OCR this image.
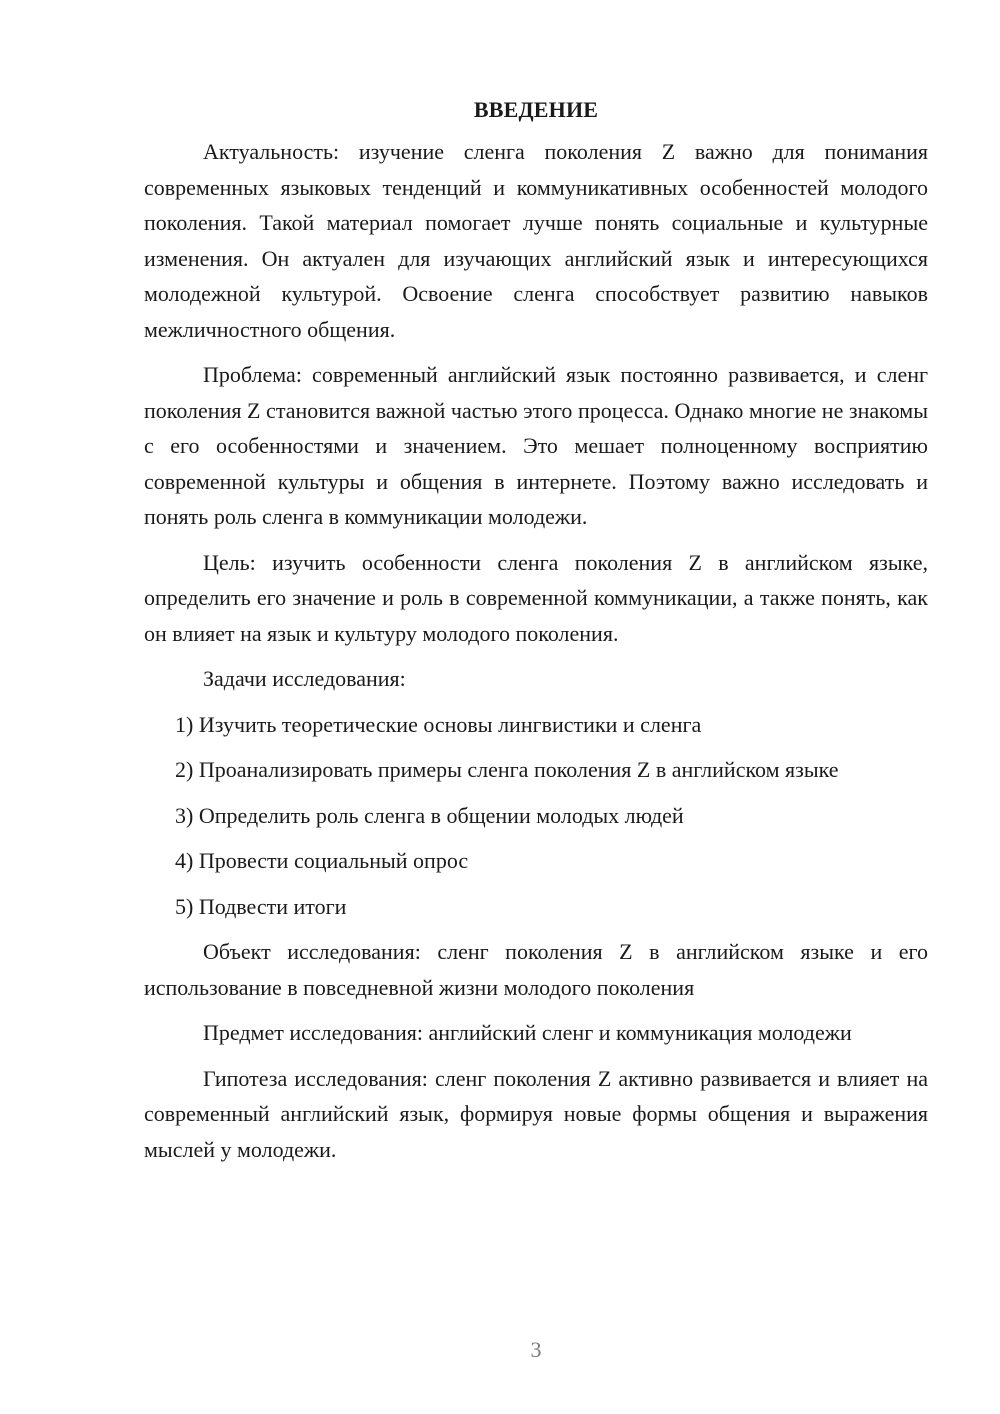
ВВЕДЕНИЕ

Актуальность: изучение сленга поколения Z важно для понимания современных языковых тенденций и коммуникативных особенностей молодого поколения. Такой материал помогает лучше понять социальные и культурные изменения. Он актуален для изучающих английский язык и интересующихся молодежной культурой. Освоение сленга способствует развитию навыков межличностного общения.

Проблема: современный английский язык постоянно развивается, и сленг поколения Z становится важной частью этого процесса. Однако многие не знакомы с его особенностями и значением. Это мешает полноценному восприятию современной культуры и общения в интернете. Поэтому важно исследовать и понять роль сленга в коммуникации молодежи.

Цель: изучить особенности сленга поколения Z в английском языке, определить его значение и роль в современной коммуникации, а также понять, как он влияет на язык и культуру молодого поколения.

Задачи исследования:

1) Изучить теоретические основы лингвистики и сленга

2) Проанализировать примеры сленга поколения Z в английском языке

3) Определить роль сленга в общении молодых людей

4) Провести социальный опрос

5) Подвести итоги

Объект исследования: сленг поколения Z в английском языке и его использование в повседневной жизни молодого поколения

Предмет исследования: английский сленг и коммуникация молодежи

Гипотеза исследования: сленг поколения Z активно развивается и влияет на современный английский язык, формируя новые формы общения и выражения мыслей у молодежи.

3
